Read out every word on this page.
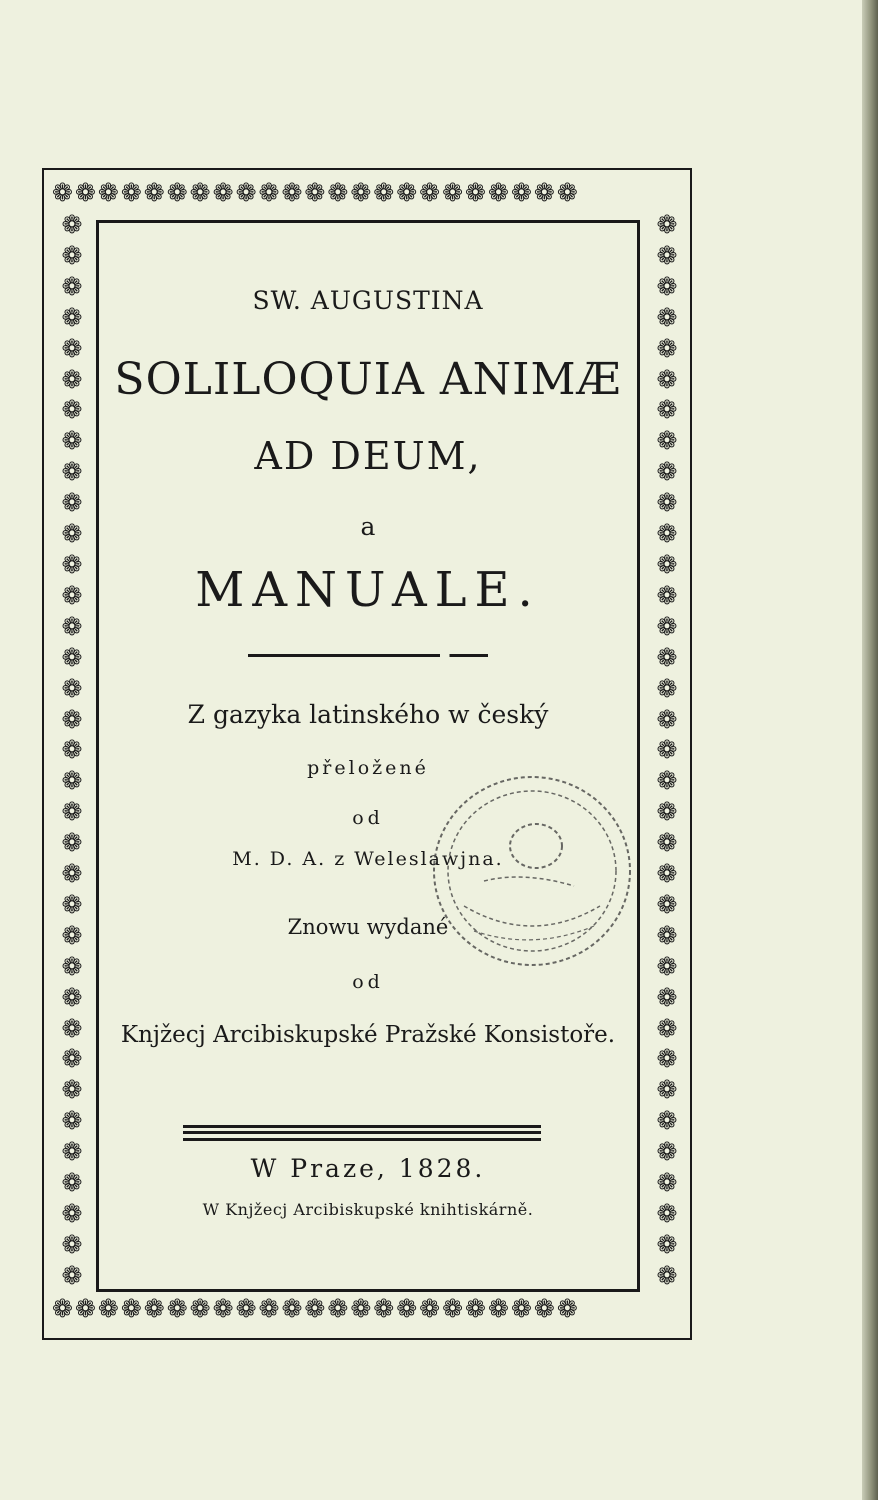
❁❁❁❁❁❁❁❁❁❁❁❁❁❁❁❁❁❁❁❁❁❁❁
❁❁❁❁❁❁❁❁❁❁❁❁❁❁❁❁❁❁❁❁❁❁❁
❁
❁
❁
❁
❁
❁
❁
❁
❁
❁
❁
❁
❁
❁
❁
❁
❁
❁
❁
❁
❁
❁
❁
❁
❁
❁
❁
❁
❁
❁
❁
❁
❁
❁
❁
❁
❁
❁
❁
❁
❁
❁
❁
❁
❁
❁
❁
❁
❁
❁
❁
❁
❁
❁
❁
❁
❁
❁
❁
❁
❁
❁
❁
❁
❁
❁
❁
❁
❁
❁
SW. AUGUSTINA
SOLILOQUIA ANIMÆ
AD DEUM,
a
MANUALE.
Z gazyka latinského w český
přeložené
od
M. D. A. z Weleslawjna.
Znowu wydané
od
Knjžecj Arcibiskupské Pražské Konsistoře.
W Praze, 1828.
W Knjžecj Arcibiskupské knihtiskárně.
